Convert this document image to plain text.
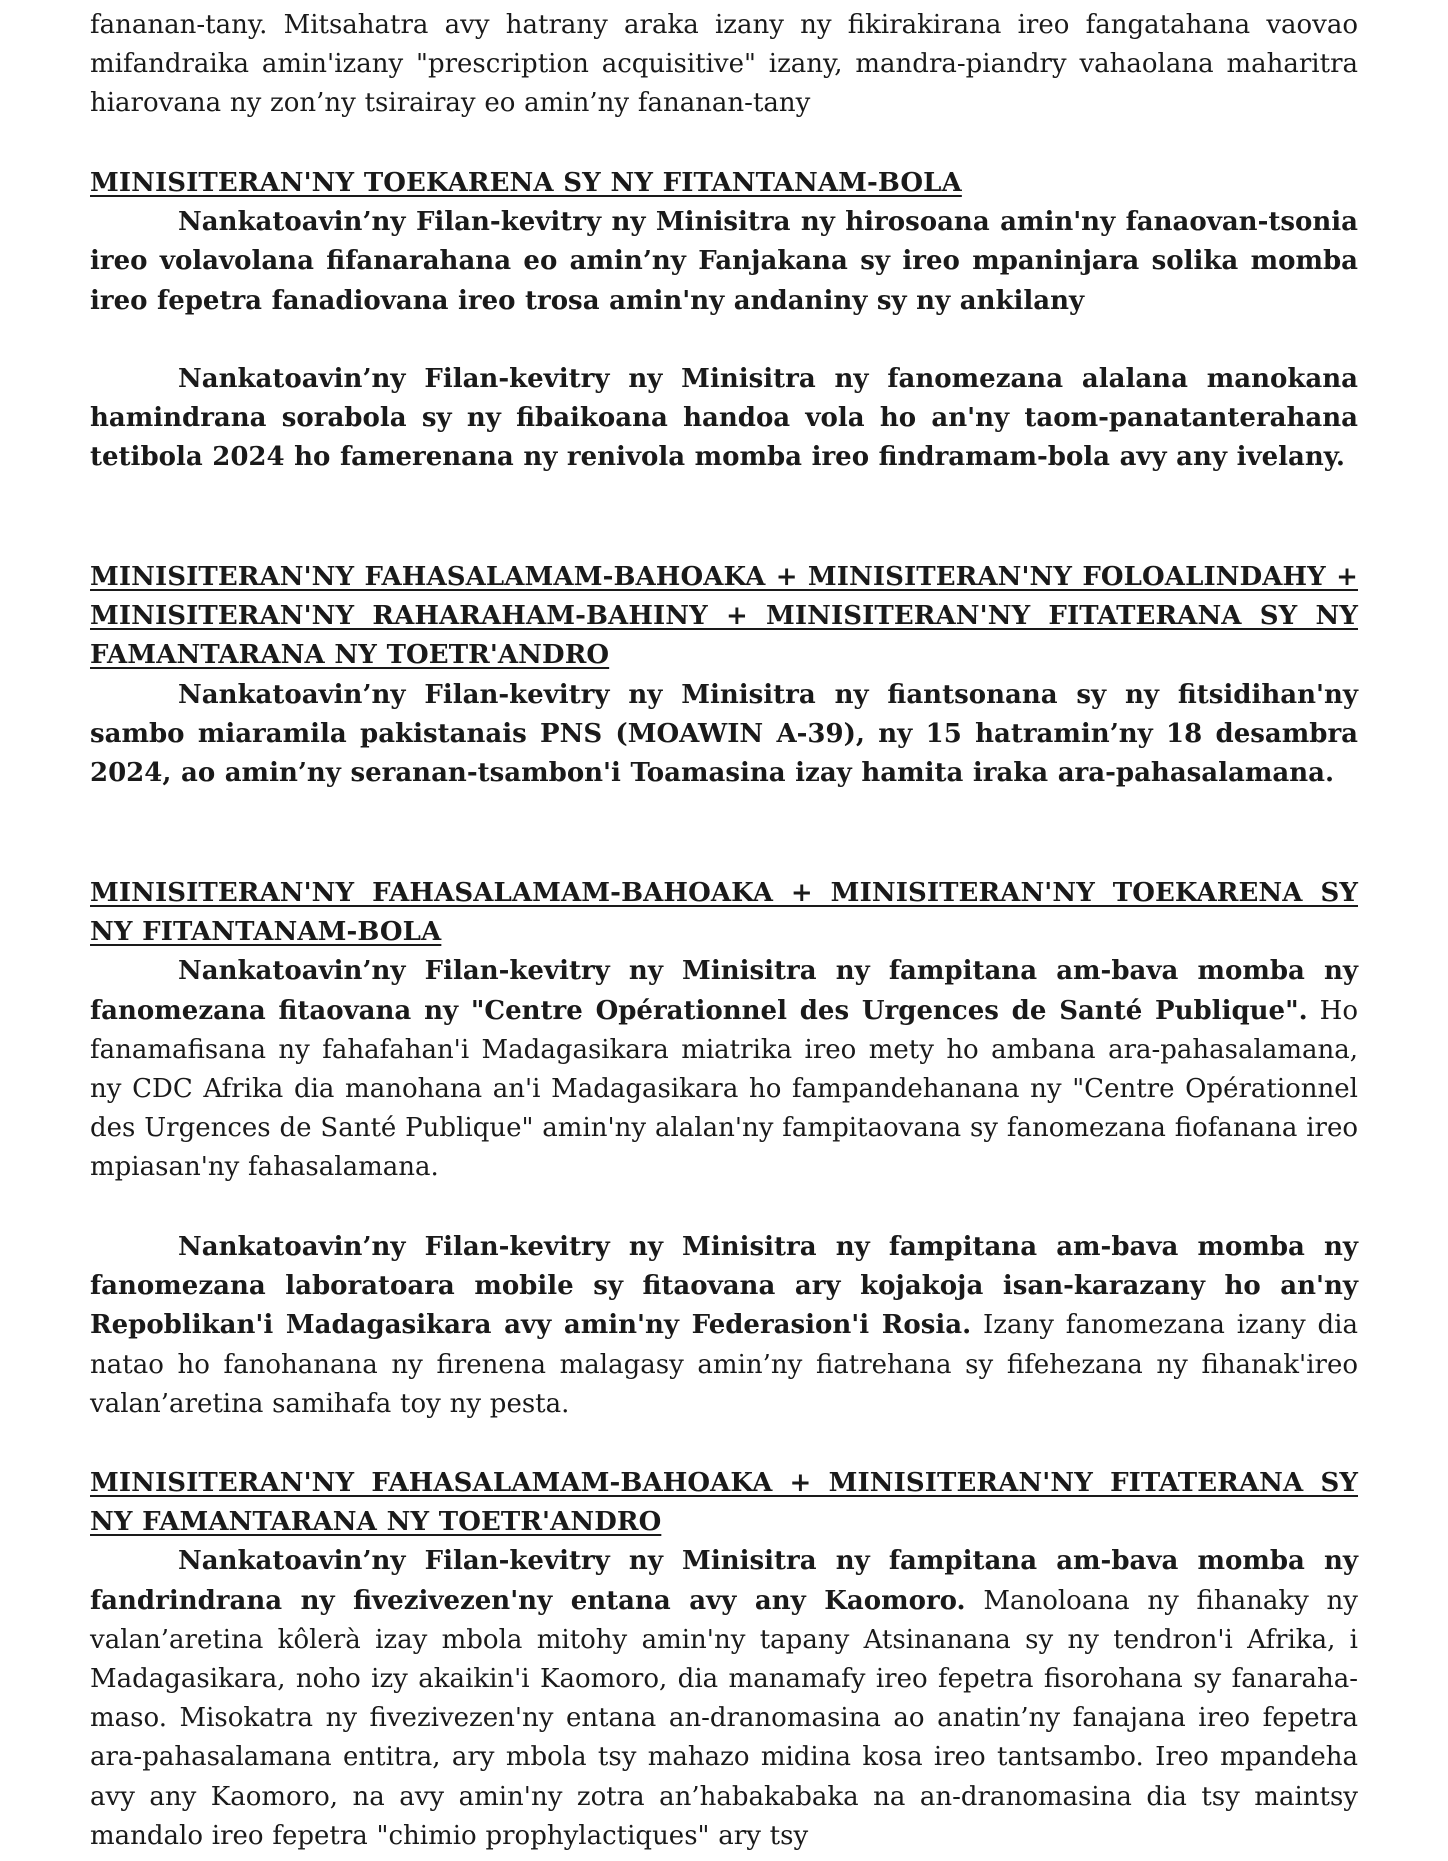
fananan-tany. Mitsahatra avy hatrany araka izany ny fikirakirana ireo fangatahana vaovao mifandraika amin'izany "prescription acquisitive" izany, mandra-piandry vahaolana maharitra hiarovana ny zon’ny tsirairay eo amin’ny fananan-tany

MINISITERAN'NY TOEKARENA SY NY FITANTANAM-BOLA

Nankatoavin’ny Filan-kevitry ny Minisitra ny hirosoana amin'ny fanaovan-tsonia ireo volavolana fifanarahana eo amin’ny Fanjakana sy ireo mpaninjara solika momba ireo fepetra fanadiovana ireo trosa amin'ny andaniny sy ny ankilany

Nankatoavin’ny Filan-kevitry ny Minisitra ny fanomezana alalana manokana hamindrana sorabola sy ny fibaikoana handoa vola ho an'ny taom-panatanterahana tetibola 2024 ho famerenana ny renivola momba ireo findramam-bola avy any ivelany.

MINISITERAN'NY FAHASALAMAM-BAHOAKA + MINISITERAN'NY FOLOALINDAHY + MINISITERAN'NY RAHARAHAM-BAHINY + MINISITERAN'NY FITATERANA SY NY FAMANTARANA NY TOETR'ANDRO

Nankatoavin’ny Filan-kevitry ny Minisitra ny fiantsonana sy ny fitsidihan'ny sambo miaramila pakistanais PNS (MOAWIN A-39), ny 15 hatramin’ny 18 desambra 2024, ao amin’ny seranan-tsambon'i Toamasina izay hamita iraka ara-pahasalamana.

MINISITERAN'NY FAHASALAMAM-BAHOAKA + MINISITERAN'NY TOEKARENA SY NY FITANTANAM-BOLA

Nankatoavin’ny Filan-kevitry ny Minisitra ny fampitana am-bava momba ny fanomezana fitaovana ny "Centre Opérationnel des Urgences de Santé Publique". Ho fanamafisana ny fahafahan'i Madagasikara miatrika ireo mety ho ambana ara-pahasalamana, ny CDC Afrika dia manohana an'i Madagasikara ho fampandehanana ny "Centre Opérationnel des Urgences de Santé Publique" amin'ny alalan'ny fampitaovana sy fanomezana fiofanana ireo mpiasan'ny fahasalamana.

Nankatoavin’ny Filan-kevitry ny Minisitra ny fampitana am-bava momba ny fanomezana laboratoara mobile sy fitaovana ary kojakoja isan-karazany ho an'ny Repoblikan'i Madagasikara avy amin'ny Federasion'i Rosia. Izany fanomezana izany dia natao ho fanohanana ny firenena malagasy amin’ny fiatrehana sy fifehezana ny fihanak'ireo valan’aretina samihafa toy ny pesta.

MINISITERAN'NY FAHASALAMAM-BAHOAKA + MINISITERAN'NY FITATERANA SY NY FAMANTARANA NY TOETR'ANDRO

Nankatoavin’ny Filan-kevitry ny Minisitra ny fampitana am-bava momba ny fandrindrana ny fivezivezen'ny entana avy any Kaomoro. Manoloana ny fihanaky ny valan’aretina kôlerà izay mbola mitohy amin'ny tapany Atsinanana sy ny tendron'i Afrika, i Madagasikara, noho izy akaikin'i Kaomoro, dia manamafy ireo fepetra fisorohana sy fanaraha-maso. Misokatra ny fivezivezen'ny entana an-dranomasina ao anatin’ny fanajana ireo fepetra ara-pahasalamana entitra, ary mbola tsy mahazo midina kosa ireo tantsambo. Ireo mpandeha avy any Kaomoro, na avy amin'ny zotra an’habakabaka na an-dranomasina dia tsy maintsy mandalo ireo fepetra "chimio prophylactiques" ary tsy
